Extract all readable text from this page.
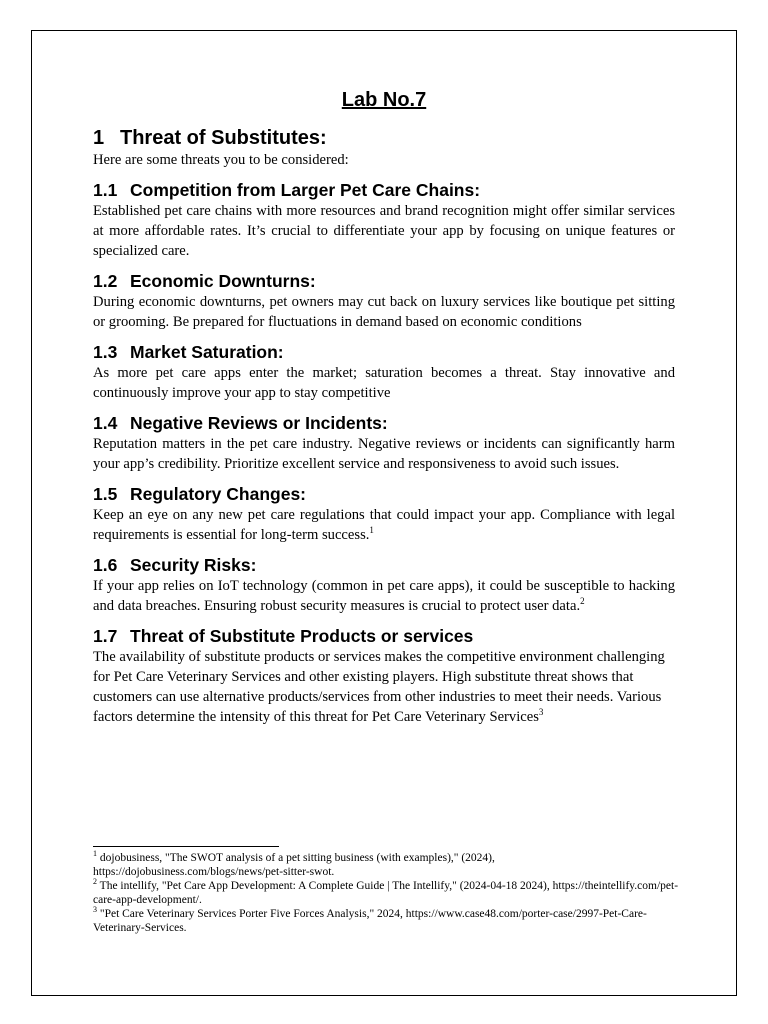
Lab No.7
1 Threat of Substitutes:

Here are some threats you to be considered:

1.1 Competition from Larger Pet Care Chains:

Established pet care chains with more resources and brand recognition might offer similar services at more affordable rates. It’s crucial to differentiate your app by focusing on unique features or specialized care.

1.2 Economic Downturns:

During economic downturns, pet owners may cut back on luxury services like boutique pet sitting or grooming. Be prepared for fluctuations in demand based on economic conditions

1.3 Market Saturation:

As more pet care apps enter the market; saturation becomes a threat. Stay innovative and continuously improve your app to stay competitive

1.4 Negative Reviews or Incidents:

Reputation matters in the pet care industry. Negative reviews or incidents can significantly harm your app’s credibility. Prioritize excellent service and responsiveness to avoid such issues.

1.5 Regulatory Changes:

Keep an eye on any new pet care regulations that could impact your app. Compliance with legal requirements is essential for long-term success.$^1$

1.6 Security Risks:

If your app relies on IoT technology (common in pet care apps), it could be susceptible to hacking and data breaches. Ensuring robust security measures is crucial to protect user data.$^2$

1.7 Threat of Substitute Products or services

The availability of substitute products or services makes the competitive environment challenging for Pet Care Veterinary Services and other existing players. High substitute threat shows that customers can use alternative products/services from other industries to meet their needs. Various factors determine the intensity of this threat for Pet Care Veterinary Services$^3$

$^1$ dojobusiness, "The SWOT analysis of a pet sitting business (with examples)," (2024), https://dojobusiness.com/blogs/news/pet-sitter-swot.

$^2$ The intellify, "Pet Care App Development: A Complete Guide | The Intellify," (2024-04-18 2024), https://theintellify.com/pet-care-app-development/.

$^3$ "Pet Care Veterinary Services Porter Five Forces Analysis," 2024, https://www.case48.com/porter-case/2997-Pet-Care-Veterinary-Services.
